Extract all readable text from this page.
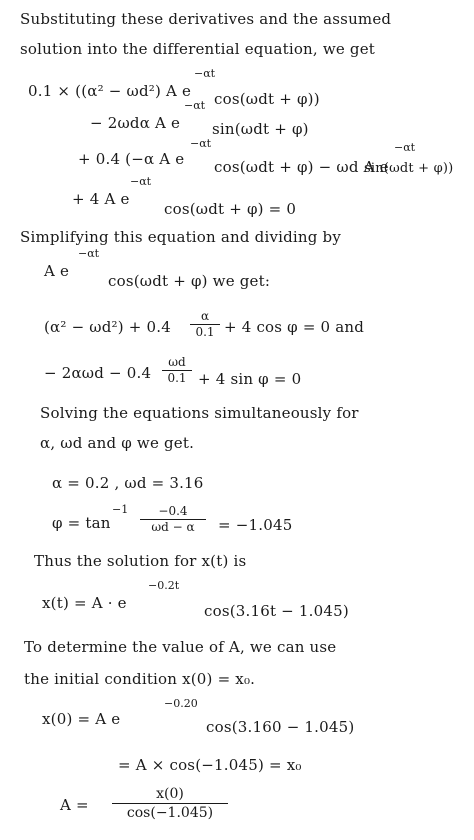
Substituting these derivatives and the assumed
solution into the differential equation, we get
0.1 × ((α² − ωd²) A e
−αt
cos(ωdt + φ))
− 2ωdα A e
−αt
sin(ωdt + φ)
+ 0.4 (−α A e
−αt
cos(ωdt + φ) − ωd A e
−αt
sin(ωdt + φ))
+ 4 A e
−αt
cos(ωdt + φ) = 0
Simplifying this equation and dividing by
A e
−αt
cos(ωdt + φ) we get:
(α² − ωd²) + 0.4
α
0.1 + 4 cos φ = 0 and
− 2αωd − 0.4
ωd
0.1 + 4 sin φ = 0
Solving the equations simultaneously for
α, ωd and φ we get.
α = 0.2 , ωd = 3.16
φ = tan
−1	−0.4
ωd − α	= −1.045
Thus the solution for x(t) is
x(t) = A · e
−0.2t
cos(3.16t − 1.045)
To determine the value of A, we can use
the initial condition x(0) = x₀.
x(0) = A e
−0.20
cos(3.160 − 1.045)
= A × cos(−1.045) = x₀
A =
x(0)
cos(−1.045)
